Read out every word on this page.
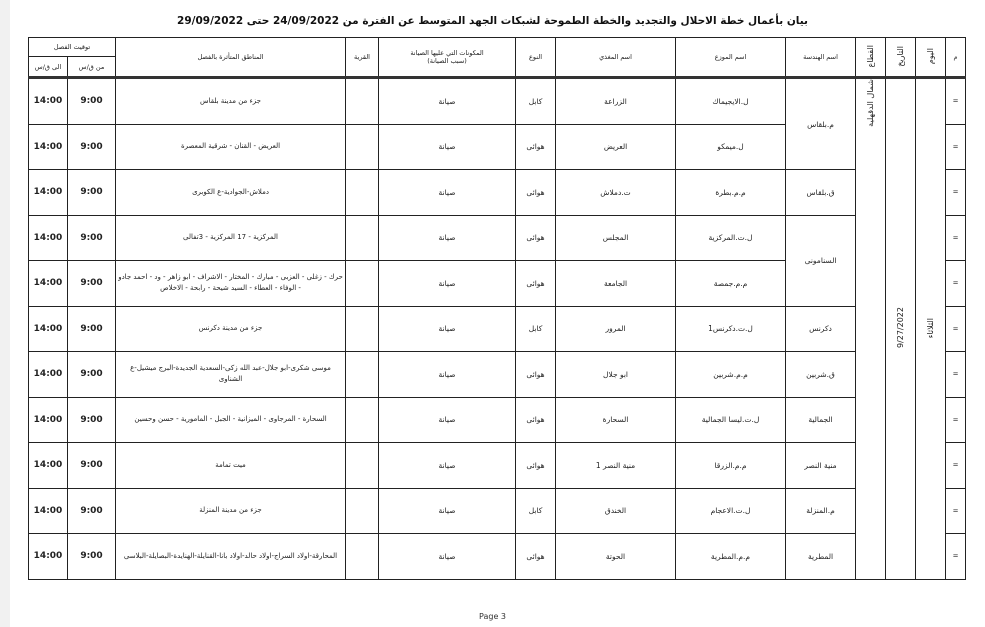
بيان بأعمال خطة الاحلال والتجديد والخطة الطموحة لشبكات الجهد المتوسط عن الفترة من 24/09/2022 حتى 29/09/2022
م	اليوم	التاريخ	القطاع	اسم الهندسة	اسم الموزع	اسم المغذي	النوع	المكونات التي عليها الصيانة
(سبب الصيانة)	القرية	المناطق المتأثرة بالفصل	توقيت الفصل	
											من ق/س	الى ق/س
=	الثلاثاء	9/27/2022	شمال الدقهلية	م.بلقاس	ل.الايجيماك	الزراعة	كابل	صيانة		جزء من مدينة بلقاس	9:00	14:00
=					ل.ميمكو	العريض	هوائى	صيانة		العريض - القنان - شرقية المعصرة	9:00	14:00
=				ق.بلقاس	م.م.بطرة	ت.دملاش	هوائى	صيانة		دملاش-الجوادية-ع الكوبرى	9:00	14:00
=				السنامونى	ل.ت.المركزية	المجلس	هوائى	صيانة		المركزية - 17 المركزية - 3تفالى	9:00	14:00
=					م.م.جمصة	الجامعة	هوائى	صيانة		حرك - زغلى - العزبى - مبارك - المختار - الاشراف - ابو زاهر - ود - احمد جادو - الوفاء - العطاء - السيد شيحة - رابحة - الاخلاص	9:00	14:00
=				دكرنس	ل.ت.دكرنس1	المرور	كابل	صيانة		جزء من مدينة دكرنس	9:00	14:00
=				ق.شربين	م.م.شربين	ابو جلال	هوائى	صيانة		موسى شكرى-ابو جلال-عبد الله زكى-السعدية الجديدة-البرج ميشيل-ع الشناوى	9:00	14:00
=				الجمالية	ل.ت.ليسا الجمالية	السحارة	هوائى	صيانة		السحارة - المرجاوى - الميزانية - الجبل - المامورية - حسن وحسين	9:00	14:00
=				منية النصر	م.م.الزرقا	منية النصر 1	هوائى	صيانة		ميت تمامة	9:00	14:00
=				م.المنزلة	ل.ت.الاعجام	الخندق	كابل	صيانة		جزء من مدينة المنزلة	9:00	14:00
=				المطرية	م.م.المطرية	الحوتة	هوائى	صيانة		المحارقة-اولاد السراج-اولاد حالد-اولاد بانا-القنايلة-الهنايدة-البصايلة-البلاسى	9:00	14:00
Page 3
